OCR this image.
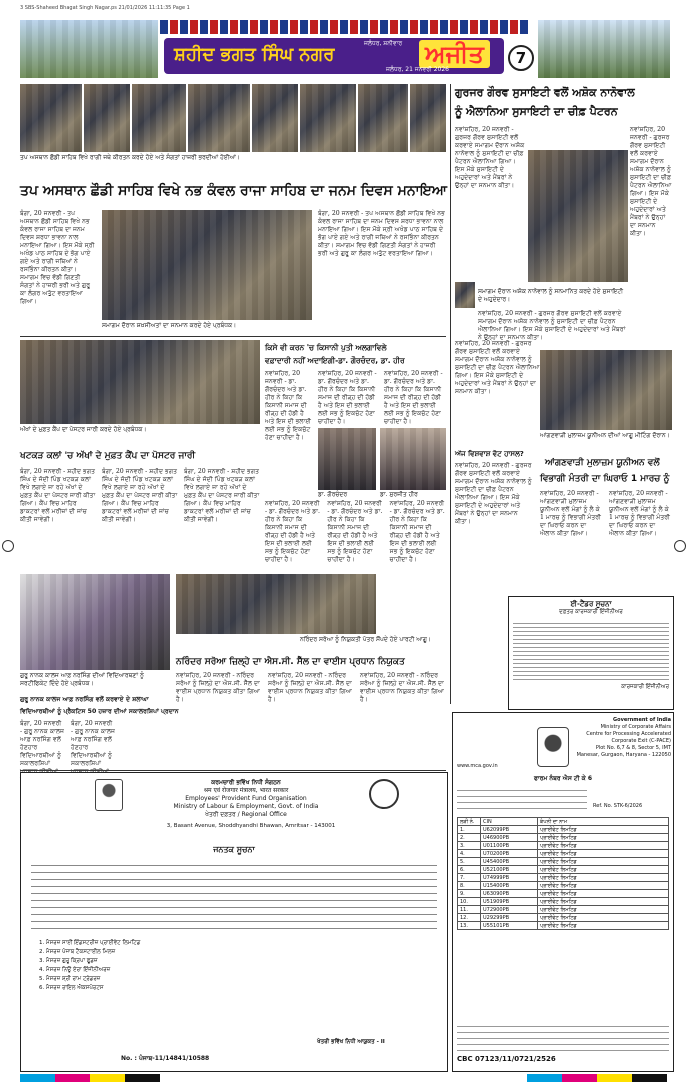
3 SBS-Shaheed Bhagat Singh Nagar.ps 21/01/2026 11:11:35 Page 1
ਸ਼ਹੀਦ ਭਗਤ ਸਿੰਘ ਨਗਰ
ਜਲੰਧਰ, ਸ਼ਨੀਵਾਰ ਅਜੀਤ
ਜਲੰਧਰ, 21 ਜਨਵਰੀ 2026
7
ਤਪ ਅਸਥਾਨ ਛੌਡੀ ਸਾਹਿਬ ਵਿਖੇ ਰਾਗੀ ਜਥੇ ਕੀਰਤਨ ਕਰਦੇ ਹੋਏ ਅਤੇ ਸੰਗਤਾਂ ਹਾਜ਼ਰੀ ਭਰਦੀਆਂ ਹੋਈਆਂ।
ਤਪ ਅਸਥਾਨ ਛੌਡੀ ਸਾਹਿਬ ਵਿਖੇ ਨਭ ਕੰਵਲ ਰਾਜਾ ਸਾਹਿਬ ਦਾ ਜਨਮ ਦਿਵਸ ਮਨਾਇਆ
ਬੰਗਾ, 20 ਜਨਵਰੀ - ਤਪ ਅਸਥਾਨ ਛੌਡੀ ਸਾਹਿਬ ਵਿਖੇ ਨਭ ਕੰਵਲ ਰਾਜਾ ਸਾਹਿਬ ਦਾ ਜਨਮ ਦਿਵਸ ਸ਼ਰਧਾ ਭਾਵਨਾ ਨਾਲ ਮਨਾਇਆ ਗਿਆ। ਇਸ ਮੌਕੇ ਸ੍ਰੀ ਅਖੰਡ ਪਾਠ ਸਾਹਿਬ ਦੇ ਭੋਗ ਪਾਏ ਗਏ ਅਤੇ ਰਾਗੀ ਜਥਿਆਂ ਨੇ ਰਸਭਿੰਨਾ ਕੀਰਤਨ ਕੀਤਾ। ਸਮਾਗਮ ਵਿਚ ਵੱਡੀ ਗਿਣਤੀ ਸੰਗਤਾਂ ਨੇ ਹਾਜ਼ਰੀ ਭਰੀ ਅਤੇ ਗੁਰੂ ਕਾ ਲੰਗਰ ਅਤੁੱਟ ਵਰਤਾਇਆ ਗਿਆ।
ਬੰਗਾ, 20 ਜਨਵਰੀ - ਤਪ ਅਸਥਾਨ ਛੌਡੀ ਸਾਹਿਬ ਵਿਖੇ ਨਭ ਕੰਵਲ ਰਾਜਾ ਸਾਹਿਬ ਦਾ ਜਨਮ ਦਿਵਸ ਸ਼ਰਧਾ ਭਾਵਨਾ ਨਾਲ ਮਨਾਇਆ ਗਿਆ। ਇਸ ਮੌਕੇ ਸ੍ਰੀ ਅਖੰਡ ਪਾਠ ਸਾਹਿਬ ਦੇ ਭੋਗ ਪਾਏ ਗਏ ਅਤੇ ਰਾਗੀ ਜਥਿਆਂ ਨੇ ਰਸਭਿੰਨਾ ਕੀਰਤਨ ਕੀਤਾ। ਸਮਾਗਮ ਵਿਚ ਵੱਡੀ ਗਿਣਤੀ ਸੰਗਤਾਂ ਨੇ ਹਾਜ਼ਰੀ ਭਰੀ ਅਤੇ ਗੁਰੂ ਕਾ ਲੰਗਰ ਅਤੁੱਟ ਵਰਤਾਇਆ ਗਿਆ।
ਸਮਾਗਮ ਦੌਰਾਨ ਸ਼ਖ਼ਸੀਅਤਾਂ ਦਾ ਸਨਮਾਨ ਕਰਦੇ ਹੋਏ ਪ੍ਰਬੰਧਕ।
ਗੁਰਜਰ ਗੌਰਵ ਸੁਸਾਇਟੀ ਵਲੋਂ ਅਸ਼ੋਕ ਨਾਨੋਵਾਲ
ਨੂੰ ਐਲਾਨਿਆ ਸੁਸਾਇਟੀ ਦਾ ਚੀਫ਼ ਪੈਟਰਨ
ਨਵਾਂਸ਼ਹਿਰ, 20 ਜਨਵਰੀ - ਗੁਰਜਰ ਗੌਰਵ ਸੁਸਾਇਟੀ ਵਲੋਂ ਕਰਵਾਏ ਸਮਾਗਮ ਦੌਰਾਨ ਅਸ਼ੋਕ ਨਾਨੋਵਾਲ ਨੂੰ ਸੁਸਾਇਟੀ ਦਾ ਚੀਫ਼ ਪੈਟਰਨ ਐਲਾਨਿਆ ਗਿਆ। ਇਸ ਮੌਕੇ ਸੁਸਾਇਟੀ ਦੇ ਅਹੁਦੇਦਾਰਾਂ ਅਤੇ ਮੈਂਬਰਾਂ ਨੇ ਉਨ੍ਹਾਂ ਦਾ ਸਨਮਾਨ ਕੀਤਾ।
ਨਵਾਂਸ਼ਹਿਰ, 20 ਜਨਵਰੀ - ਗੁਰਜਰ ਗੌਰਵ ਸੁਸਾਇਟੀ ਵਲੋਂ ਕਰਵਾਏ ਸਮਾਗਮ ਦੌਰਾਨ ਅਸ਼ੋਕ ਨਾਨੋਵਾਲ ਨੂੰ ਸੁਸਾਇਟੀ ਦਾ ਚੀਫ਼ ਪੈਟਰਨ ਐਲਾਨਿਆ ਗਿਆ। ਇਸ ਮੌਕੇ ਸੁਸਾਇਟੀ ਦੇ ਅਹੁਦੇਦਾਰਾਂ ਅਤੇ ਮੈਂਬਰਾਂ ਨੇ ਉਨ੍ਹਾਂ ਦਾ ਸਨਮਾਨ ਕੀਤਾ।
ਸਮਾਗਮ ਦੌਰਾਨ ਅਸ਼ੋਕ ਨਾਨੋਵਾਲ ਨੂੰ ਸਨਮਾਨਿਤ ਕਰਦੇ ਹੋਏ ਸੁਸਾਇਟੀ ਦੇ ਅਹੁਦੇਦਾਰ।
ਨਵਾਂਸ਼ਹਿਰ, 20 ਜਨਵਰੀ - ਗੁਰਜਰ ਗੌਰਵ ਸੁਸਾਇਟੀ ਵਲੋਂ ਕਰਵਾਏ ਸਮਾਗਮ ਦੌਰਾਨ ਅਸ਼ੋਕ ਨਾਨੋਵਾਲ ਨੂੰ ਸੁਸਾਇਟੀ ਦਾ ਚੀਫ਼ ਪੈਟਰਨ ਐਲਾਨਿਆ ਗਿਆ। ਇਸ ਮੌਕੇ ਸੁਸਾਇਟੀ ਦੇ ਅਹੁਦੇਦਾਰਾਂ ਅਤੇ ਮੈਂਬਰਾਂ ਨੇ ਉਨ੍ਹਾਂ ਦਾ ਸਨਮਾਨ ਕੀਤਾ।
ਨਵਾਂਸ਼ਹਿਰ, 20 ਜਨਵਰੀ - ਗੁਰਜਰ ਗੌਰਵ ਸੁਸਾਇਟੀ ਵਲੋਂ ਕਰਵਾਏ ਸਮਾਗਮ ਦੌਰਾਨ ਅਸ਼ੋਕ ਨਾਨੋਵਾਲ ਨੂੰ ਸੁਸਾਇਟੀ ਦਾ ਚੀਫ਼ ਪੈਟਰਨ ਐਲਾਨਿਆ ਗਿਆ। ਇਸ ਮੌਕੇ ਸੁਸਾਇਟੀ ਦੇ ਅਹੁਦੇਦਾਰਾਂ ਅਤੇ ਮੈਂਬਰਾਂ ਨੇ ਉਨ੍ਹਾਂ ਦਾ ਸਨਮਾਨ ਕੀਤਾ।
ਅੱਜ ਵਿਸ਼ਵਾਸ਼ ਵੋਟ ਹਾਸਲ?
ਆਂਗਣਵਾੜੀ ਮੁਲਾਜ਼ਮ ਯੂਨੀਅਨ ਦੀਆਂ ਆਗੂ ਮੀਟਿੰਗ ਦੌਰਾਨ।
ਆਂਗਣਵਾੜੀ ਮੁਲਾਜ਼ਮ ਯੂਨੀਅਨ ਵਲੋਂ
ਵਿਭਾਗੀ ਮੰਤਰੀ ਦਾ ਘਿਰਾਓ 1 ਮਾਰਚ ਨੂੰ
ਨਵਾਂਸ਼ਹਿਰ, 20 ਜਨਵਰੀ - ਆਂਗਣਵਾੜੀ ਮੁਲਾਜ਼ਮ ਯੂਨੀਅਨ ਵਲੋਂ ਮੰਗਾਂ ਨੂੰ ਲੈ ਕੇ 1 ਮਾਰਚ ਨੂੰ ਵਿਭਾਗੀ ਮੰਤਰੀ ਦਾ ਘਿਰਾਓ ਕਰਨ ਦਾ ਐਲਾਨ ਕੀਤਾ ਗਿਆ।
ਨਵਾਂਸ਼ਹਿਰ, 20 ਜਨਵਰੀ - ਆਂਗਣਵਾੜੀ ਮੁਲਾਜ਼ਮ ਯੂਨੀਅਨ ਵਲੋਂ ਮੰਗਾਂ ਨੂੰ ਲੈ ਕੇ 1 ਮਾਰਚ ਨੂੰ ਵਿਭਾਗੀ ਮੰਤਰੀ ਦਾ ਘਿਰਾਓ ਕਰਨ ਦਾ ਐਲਾਨ ਕੀਤਾ ਗਿਆ।
ਨਵਾਂਸ਼ਹਿਰ, 20 ਜਨਵਰੀ - ਗੁਰਜਰ ਗੌਰਵ ਸੁਸਾਇਟੀ ਵਲੋਂ ਕਰਵਾਏ ਸਮਾਗਮ ਦੌਰਾਨ ਅਸ਼ੋਕ ਨਾਨੋਵਾਲ ਨੂੰ ਸੁਸਾਇਟੀ ਦਾ ਚੀਫ਼ ਪੈਟਰਨ ਐਲਾਨਿਆ ਗਿਆ। ਇਸ ਮੌਕੇ ਸੁਸਾਇਟੀ ਦੇ ਅਹੁਦੇਦਾਰਾਂ ਅਤੇ ਮੈਂਬਰਾਂ ਨੇ ਉਨ੍ਹਾਂ ਦਾ ਸਨਮਾਨ ਕੀਤਾ।
ਅੱਖਾਂ ਦੇ ਮੁਫ਼ਤ ਕੈਂਪ ਦਾ ਪੋਸਟਰ ਜਾਰੀ ਕਰਦੇ ਹੋਏ ਪ੍ਰਬੰਧਕ।
ਖਟਕੜ ਕਲਾਂ 'ਚ ਅੱਖਾਂ ਦੇ ਮੁਫ਼ਤ ਕੈਂਪ ਦਾ ਪੋਸਟਰ ਜਾਰੀ
ਬੰਗਾ, 20 ਜਨਵਰੀ - ਸ਼ਹੀਦ ਭਗਤ ਸਿੰਘ ਦੇ ਜੱਦੀ ਪਿੰਡ ਖਟਕੜ ਕਲਾਂ ਵਿਖੇ ਲਗਾਏ ਜਾ ਰਹੇ ਅੱਖਾਂ ਦੇ ਮੁਫ਼ਤ ਕੈਂਪ ਦਾ ਪੋਸਟਰ ਜਾਰੀ ਕੀਤਾ ਗਿਆ। ਕੈਂਪ ਵਿਚ ਮਾਹਿਰ ਡਾਕਟਰਾਂ ਵਲੋਂ ਮਰੀਜ਼ਾਂ ਦੀ ਜਾਂਚ ਕੀਤੀ ਜਾਵੇਗੀ।
ਬੰਗਾ, 20 ਜਨਵਰੀ - ਸ਼ਹੀਦ ਭਗਤ ਸਿੰਘ ਦੇ ਜੱਦੀ ਪਿੰਡ ਖਟਕੜ ਕਲਾਂ ਵਿਖੇ ਲਗਾਏ ਜਾ ਰਹੇ ਅੱਖਾਂ ਦੇ ਮੁਫ਼ਤ ਕੈਂਪ ਦਾ ਪੋਸਟਰ ਜਾਰੀ ਕੀਤਾ ਗਿਆ। ਕੈਂਪ ਵਿਚ ਮਾਹਿਰ ਡਾਕਟਰਾਂ ਵਲੋਂ ਮਰੀਜ਼ਾਂ ਦੀ ਜਾਂਚ ਕੀਤੀ ਜਾਵੇਗੀ।
ਬੰਗਾ, 20 ਜਨਵਰੀ - ਸ਼ਹੀਦ ਭਗਤ ਸਿੰਘ ਦੇ ਜੱਦੀ ਪਿੰਡ ਖਟਕੜ ਕਲਾਂ ਵਿਖੇ ਲਗਾਏ ਜਾ ਰਹੇ ਅੱਖਾਂ ਦੇ ਮੁਫ਼ਤ ਕੈਂਪ ਦਾ ਪੋਸਟਰ ਜਾਰੀ ਕੀਤਾ ਗਿਆ। ਕੈਂਪ ਵਿਚ ਮਾਹਿਰ ਡਾਕਟਰਾਂ ਵਲੋਂ ਮਰੀਜ਼ਾਂ ਦੀ ਜਾਂਚ ਕੀਤੀ ਜਾਵੇਗੀ।
ਕਿਸੇ ਵੀ ਕਰਨ 'ਚ ਕਿਸਾਨੀ ਪੁਤੀ ਅਲਗਾਵਿਲੇ
ਵਫ਼ਾਦਾਰੀ ਨਹੀਂ ਅਦਾਇਗੀ-ਡਾ. ਗੌਰਚੰਦਰ, ਡਾ. ਹੀਰ
ਨਵਾਂਸ਼ਹਿਰ, 20 ਜਨਵਰੀ - ਡਾ. ਗੌਰਚੰਦਰ ਅਤੇ ਡਾ. ਹੀਰ ਨੇ ਕਿਹਾ ਕਿ ਕਿਸਾਨੀ ਸਮਾਜ ਦੀ ਰੀੜ੍ਹ ਦੀ ਹੱਡੀ ਹੈ ਅਤੇ ਇਸ ਦੀ ਭਲਾਈ ਲਈ ਸਭ ਨੂੰ ਇਕਜੁੱਟ ਹੋਣਾ ਚਾਹੀਦਾ ਹੈ।
ਨਵਾਂਸ਼ਹਿਰ, 20 ਜਨਵਰੀ - ਡਾ. ਗੌਰਚੰਦਰ ਅਤੇ ਡਾ. ਹੀਰ ਨੇ ਕਿਹਾ ਕਿ ਕਿਸਾਨੀ ਸਮਾਜ ਦੀ ਰੀੜ੍ਹ ਦੀ ਹੱਡੀ ਹੈ ਅਤੇ ਇਸ ਦੀ ਭਲਾਈ ਲਈ ਸਭ ਨੂੰ ਇਕਜੁੱਟ ਹੋਣਾ ਚਾਹੀਦਾ ਹੈ।
ਨਵਾਂਸ਼ਹਿਰ, 20 ਜਨਵਰੀ - ਡਾ. ਗੌਰਚੰਦਰ ਅਤੇ ਡਾ. ਹੀਰ ਨੇ ਕਿਹਾ ਕਿ ਕਿਸਾਨੀ ਸਮਾਜ ਦੀ ਰੀੜ੍ਹ ਦੀ ਹੱਡੀ ਹੈ ਅਤੇ ਇਸ ਦੀ ਭਲਾਈ ਲਈ ਸਭ ਨੂੰ ਇਕਜੁੱਟ ਹੋਣਾ ਚਾਹੀਦਾ ਹੈ।
ਡਾ. ਗੌਰਚੰਦਰ	ਡਾ. ਸੁਰਜੀਤ ਹੀਰ
ਨਵਾਂਸ਼ਹਿਰ, 20 ਜਨਵਰੀ - ਡਾ. ਗੌਰਚੰਦਰ ਅਤੇ ਡਾ. ਹੀਰ ਨੇ ਕਿਹਾ ਕਿ ਕਿਸਾਨੀ ਸਮਾਜ ਦੀ ਰੀੜ੍ਹ ਦੀ ਹੱਡੀ ਹੈ ਅਤੇ ਇਸ ਦੀ ਭਲਾਈ ਲਈ ਸਭ ਨੂੰ ਇਕਜੁੱਟ ਹੋਣਾ ਚਾਹੀਦਾ ਹੈ।
ਨਵਾਂਸ਼ਹਿਰ, 20 ਜਨਵਰੀ - ਡਾ. ਗੌਰਚੰਦਰ ਅਤੇ ਡਾ. ਹੀਰ ਨੇ ਕਿਹਾ ਕਿ ਕਿਸਾਨੀ ਸਮਾਜ ਦੀ ਰੀੜ੍ਹ ਦੀ ਹੱਡੀ ਹੈ ਅਤੇ ਇਸ ਦੀ ਭਲਾਈ ਲਈ ਸਭ ਨੂੰ ਇਕਜੁੱਟ ਹੋਣਾ ਚਾਹੀਦਾ ਹੈ।
ਨਵਾਂਸ਼ਹਿਰ, 20 ਜਨਵਰੀ - ਡਾ. ਗੌਰਚੰਦਰ ਅਤੇ ਡਾ. ਹੀਰ ਨੇ ਕਿਹਾ ਕਿ ਕਿਸਾਨੀ ਸਮਾਜ ਦੀ ਰੀੜ੍ਹ ਦੀ ਹੱਡੀ ਹੈ ਅਤੇ ਇਸ ਦੀ ਭਲਾਈ ਲਈ ਸਭ ਨੂੰ ਇਕਜੁੱਟ ਹੋਣਾ ਚਾਹੀਦਾ ਹੈ।
ਗੁਰੂ ਨਾਨਕ ਕਾਲਜ ਆਫ਼ ਨਰਸਿੰਗ ਦੀਆਂ ਵਿਦਿਆਰਥਣਾਂ ਨੂੰ ਸਰਟੀਫਿਕੇਟ ਦਿੰਦੇ ਹੋਏ ਪ੍ਰਬੰਧਕ।
ਗੁਰੂ ਨਾਨਕ ਕਾਲਜ ਆਫ਼ ਨਰਸਿੰਗ ਵਲੋਂ ਕਰਵਾਏ ਦੇ ਸ਼ਲਾਘਾ
ਵਿਦਿਆਰਥੀਆਂ ਨੂੰ ਪ੍ਰੈਕਟਿਸ 50 ਹਜ਼ਾਰ ਦੀਆਂ ਸਕਾਲਰਸ਼ਿਪਾਂ ਪ੍ਰਦਾਨ
ਬੰਗਾ, 20 ਜਨਵਰੀ - ਗੁਰੂ ਨਾਨਕ ਕਾਲਜ ਆਫ਼ ਨਰਸਿੰਗ ਵਲੋਂ ਹੋਣਹਾਰ ਵਿਦਿਆਰਥੀਆਂ ਨੂੰ ਸਕਾਲਰਸ਼ਿਪਾਂ
ਬੰਗਾ, 20 ਜਨਵਰੀ - ਗੁਰੂ ਨਾਨਕ ਕਾਲਜ ਆਫ਼ ਨਰਸਿੰਗ ਵਲੋਂ ਹੋਣਹਾਰ ਵਿਦਿਆਰਥੀਆਂ ਨੂੰ ਸਕਾਲਰਸ਼ਿਪਾਂ
ਨਰਿੰਦਰ ਸਰੋਆ ਨੂੰ ਨਿਯੁਕਤੀ ਪੱਤਰ ਸੌਂਪਦੇ ਹੋਏ ਪਾਰਟੀ ਆਗੂ।
ਨਰਿੰਦਰ ਸਰੋਆ ਜ਼ਿਲ੍ਹੇ ਦਾ ਐਸ.ਸੀ. ਸੈੱਲ ਦਾ ਵਾਈਸ ਪ੍ਰਧਾਨ ਨਿਯੁਕਤ
ਨਵਾਂਸ਼ਹਿਰ, 20 ਜਨਵਰੀ - ਨਰਿੰਦਰ ਸਰੋਆ ਨੂੰ ਜ਼ਿਲ੍ਹੇ ਦਾ ਐਸ.ਸੀ. ਸੈੱਲ ਦਾ ਵਾਈਸ ਪ੍ਰਧਾਨ ਨਿਯੁਕਤ ਕੀਤਾ ਗਿਆ ਹੈ।
ਨਵਾਂਸ਼ਹਿਰ, 20 ਜਨਵਰੀ - ਨਰਿੰਦਰ ਸਰੋਆ ਨੂੰ ਜ਼ਿਲ੍ਹੇ ਦਾ ਐਸ.ਸੀ. ਸੈੱਲ ਦਾ ਵਾਈਸ ਪ੍ਰਧਾਨ ਨਿਯੁਕਤ ਕੀਤਾ ਗਿਆ ਹੈ।
ਨਵਾਂਸ਼ਹਿਰ, 20 ਜਨਵਰੀ - ਨਰਿੰਦਰ ਸਰੋਆ ਨੂੰ ਜ਼ਿਲ੍ਹੇ ਦਾ ਐਸ.ਸੀ. ਸੈੱਲ ਦਾ ਵਾਈਸ ਪ੍ਰਧਾਨ ਨਿਯੁਕਤ ਕੀਤਾ ਗਿਆ ਹੈ।
ਈ-ਟੈਂਡਰ ਸੂਚਨਾ
ਦਫ਼ਤਰ ਕਾਰਜਕਾਰੀ ਇੰਜੀਨੀਅਰ
ਕਾਰਜਕਾਰੀ ਇੰਜੀਨੀਅਰ
ਕਰਮਚਾਰੀ ਭਵਿੱਖ ਨਿਧੀ ਸੰਗਠਨ
श्रम एवं रोजगार मंत्रालय, भारत सरकार
Employees' Provident Fund Organisation
Ministry of Labour & Employment, Govt. of India
ਖੇਤਰੀ ਦਫ਼ਤਰ / Regional Office
3, Basant Avenue, Shoddhyandhi Bhawan, Amritsar - 143001
ਜਨਤਕ ਸੂਚਨਾ
1. ਮੈਸਰਜ਼ ਸਾਈਂ ਇੰਡਸਟਰੀਜ਼ ਪ੍ਰਾਈਵੇਟ ਲਿਮਟਿਡ
2. ਮੈਸਰਜ਼ ਪੰਜਾਬ ਟੈਕਸਟਾਈਲ ਮਿਲਜ਼
3. ਮੈਸਰਜ਼ ਗੁਰੂ ਕ੍ਰਿਪਾ ਫੂਡਜ਼
4. ਮੈਸਰਜ਼ ਨਿਊ ਏਰਾ ਇੰਜੀਨੀਅਰਜ਼
5. ਮੈਸਰਜ਼ ਸ਼੍ਰੀ ਰਾਮ ਟ੍ਰੇਡਰਜ਼
6. ਮੈਸਰਜ਼ ਰਾਇਲ ਐਕਸਪੋਰਟਸ
ਖੇਤਰੀ ਭਵਿੱਖ ਨਿਧੀ ਆਯੁਕਤ - II
No. : ਪੰਜਾਬ-11/14841/10588
Government of India
Ministry of Corporate Affairs
Centre for Processing Accelerated Corporate Exit (C-PACE)
Plot No. 6,7 & 8, Sector 5, IMT Manesar, Gurgaon, Haryana - 122050
www.mca.gov.in
ਫਾਰਮ ਨੰਬਰ ਐਸ ਟੀ ਕੇ 6
Ref. No. STK-6/2026
ਲੜੀ ਨੰ.	CIN	ਕੰਪਨੀ ਦਾ ਨਾਮ
1.	U62099PB	ਪ੍ਰਾਈਵੇਟ ਲਿਮਟਿਡ
2.	U46900PB	ਪ੍ਰਾਈਵੇਟ ਲਿਮਟਿਡ
3.	U01100PB	ਪ੍ਰਾਈਵੇਟ ਲਿਮਟਿਡ
4.	U70200PB	ਪ੍ਰਾਈਵੇਟ ਲਿਮਟਿਡ
5.	U45400PB	ਪ੍ਰਾਈਵੇਟ ਲਿਮਟਿਡ
6.	U52100PB	ਪ੍ਰਾਈਵੇਟ ਲਿਮਟਿਡ
7.	U74999PB	ਪ੍ਰਾਈਵੇਟ ਲਿਮਟਿਡ
8.	U15400PB	ਪ੍ਰਾਈਵੇਟ ਲਿਮਟਿਡ
9.	U63090PB	ਪ੍ਰਾਈਵੇਟ ਲਿਮਟਿਡ
10.	U51909PB	ਪ੍ਰਾਈਵੇਟ ਲਿਮਟਿਡ
11.	U72900PB	ਪ੍ਰਾਈਵੇਟ ਲਿਮਟਿਡ
12.	U29299PB	ਪ੍ਰਾਈਵੇਟ ਲਿਮਟਿਡ
13.	U55101PB	ਪ੍ਰਾਈਵੇਟ ਲਿਮਟਿਡ
CBC 07123/11/0721/2526
